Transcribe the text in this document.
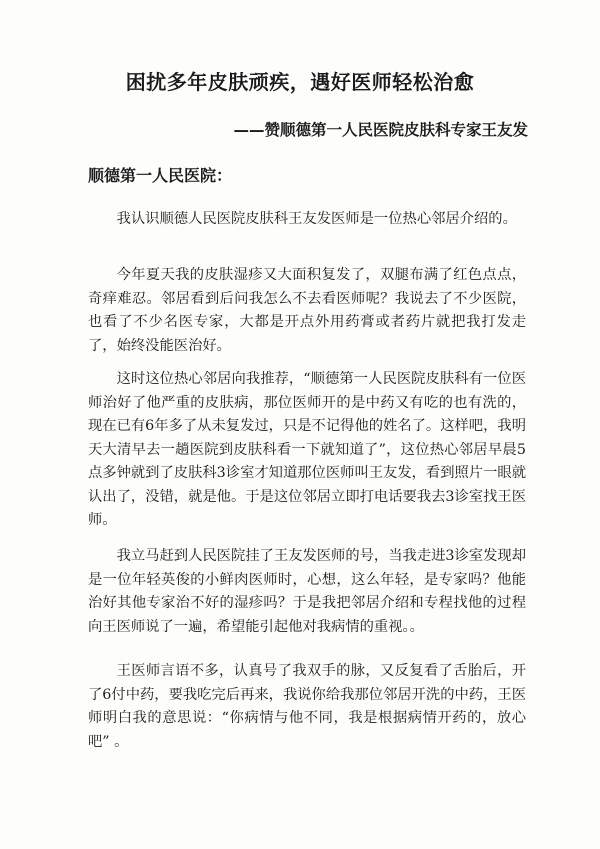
困扰多年皮肤顽疾，遇好医师轻松治愈
——赞顺德第一人民医院皮肤科专家王友发

顺德第一人民医院：

我认识顺德人民医院皮肤科王友发医师是一位热心邻居介绍的。

今年夏天我的皮肤湿疹又大面积复发了，双腿布满了红色点点，奇痒难忍。邻居看到后问我怎么不去看医师呢？我说去了不少医院，也看了不少名医专家，大都是开点外用药膏或者药片就把我打发走了，始终没能医治好。

这时这位热心邻居向我推荐，“顺德第一人民医院皮肤科有一位医师治好了他严重的皮肤病，那位医师开的是中药又有吃的也有洗的，现在已有6年多了从未复发过，只是不记得他的姓名了。这样吧，我明天大清早去一趟医院到皮肤科看一下就知道了”，这位热心邻居早晨5点多钟就到了皮肤科3诊室才知道那位医师叫王友发，看到照片一眼就认出了，没错，就是他。于是这位邻居立即打电话要我去3诊室找王医师。

我立马赶到人民医院挂了王友发医师的号，当我走进3诊室发现却是一位年轻英俊的小鲜肉医师时，心想，这么年轻，是专家吗？他能治好其他专家治不好的湿疹吗？于是我把邻居介绍和专程找他的过程向王医师说了一遍，希望能引起他对我病情的重视。。

王医师言语不多，认真号了我双手的脉，又反复看了舌胎后，开了6付中药，要我吃完后再来，我说你给我那位邻居开洗的中药，王医师明白我的意思说：“你病情与他不同，我是根据病情开药的，放心吧” 。
